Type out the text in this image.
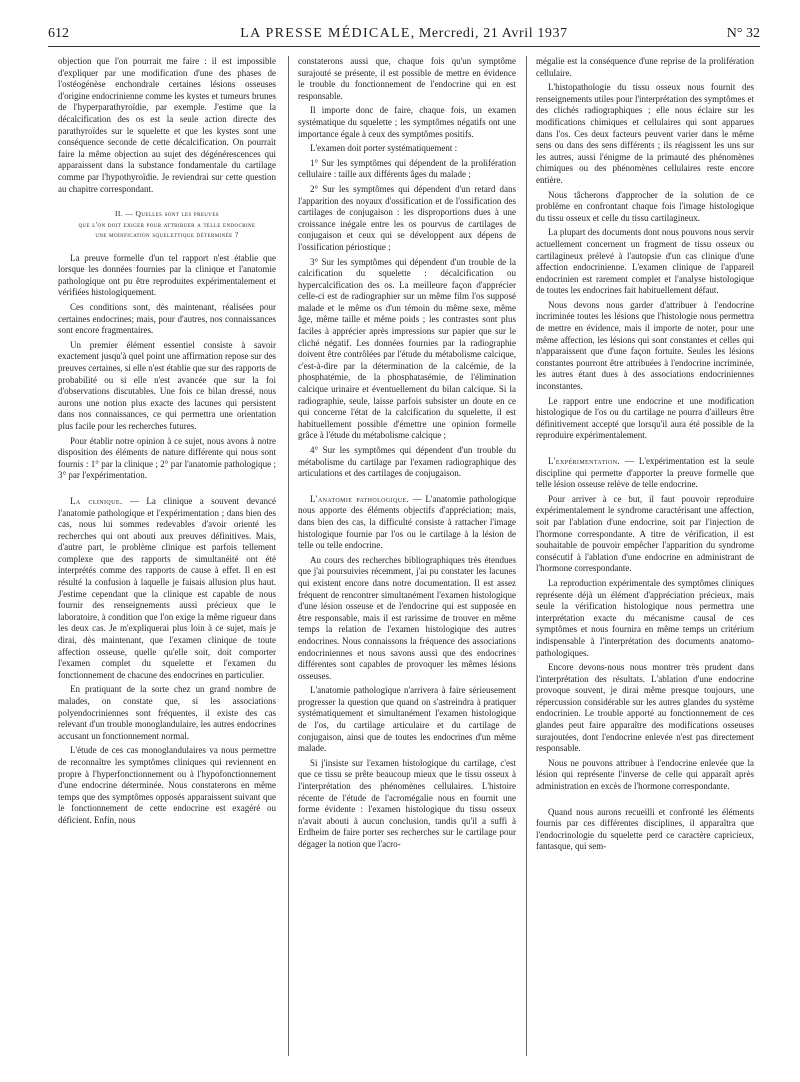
612	LA PRESSE MÉDICALE, Mercredi, 21 Avril 1937	N° 32

objection que l'on pourrait me faire : il est impossible d'expliquer par une modification d'une des phases de l'ostéogénèse enchondrale certaines lésions osseuses d'origine endocrinienne comme les kystes et tumeurs brunes de l'hyperparathyroïdie, par exemple. J'estime que la décalcification des os est la seule action directe des parathyroïdes sur le squelette et que les kystes sont une conséquence seconde de cette décalcification. On pourrait faire la même objection au sujet des dégénérescences qui apparaissent dans la substance fondamentale du cartilage comme par l'hypothyroïdie. Je reviendrai sur cette question au chapitre correspondant.

II. — Quelles sont les preuves
que l'on doit exiger pour attribuer a telle endocrine
une modification squelettique déterminée ?

La preuve formelle d'un tel rapport n'est établie que lorsque les données fournies par la clinique et l'anatomie pathologique ont pu être reproduites expérimentalement et vérifiées histologiquement.

Ces conditions sont, dès maintenant, réalisées pour certaines endocrines; mais, pour d'autres, nos connaissances sont encore fragmentaires.

Un premier élément essentiel consiste à savoir exactement jusqu'à quel point une affirmation repose sur des preuves certaines, si elle n'est établie que sur des rapports de probabilité ou si elle n'est avancée que sur la foi d'observations discutables. Une fois ce bilan dressé, nous aurons une notion plus exacte des lacunes qui persistent dans nos connaissances, ce qui permettra une orientation plus facile pour les recherches futures.

Pour établir notre opinion à ce sujet, nous avons à notre disposition des éléments de nature différente qui nous sont fournis : 1° par la clinique ; 2° par l'anatomie pathologique ; 3° par l'expérimentation.

La clinique. — La clinique a souvent devancé l'anatomie pathologique et l'expérimentation ; dans bien des cas, nous lui sommes redevables d'avoir orienté les recherches qui ont abouti aux preuves définitives. Mais, d'autre part, le problème clinique est parfois tellement complexe que des rapports de simultanéité ont été interprétés comme des rapports de cause à effet. Il en est résulté la confusion à laquelle je faisais allusion plus haut. J'estime cependant que la clinique est capable de nous fournir des renseignements aussi précieux que le laboratoire, à condition que l'on exige la même rigueur dans les deux cas. Je m'expliquerai plus loin à ce sujet, mais je dirai, dès maintenant, que l'examen clinique de toute affection osseuse, quelle qu'elle soit, doit comporter l'examen complet du squelette et l'examen du fonctionnement de chacune des endocrines en particulier.

En pratiquant de la sorte chez un grand nombre de malades, on constate que, si les associations polyendocriniennes sont fréquentes, il existe des cas relevant d'un trouble monoglandulaire, les autres endocrines accusant un fonctionnement normal.

L'étude de ces cas monoglandulaires va nous permettre de reconnaître les symptômes cliniques qui reviennent en propre à l'hyperfonctionnement ou à l'hypofonctionnement d'une endocrine déterminée. Nous constaterons en même temps que des symptômes opposés apparaissent suivant que le fonctionnement de cette endocrine est exagéré ou déficient. Enfin, nous

constaterons aussi que, chaque fois qu'un symptôme surajouté se présente, il est possible de mettre en évidence le trouble du fonctionnement de l'endocrine qui en est responsable.

Il importe donc de faire, chaque fois, un examen systématique du squelette ; les symptômes négatifs ont une importance égale à ceux des symptômes positifs.

L'examen doit porter systématiquement :

1° Sur les symptômes qui dépendent de la prolifération cellulaire : taille aux différents âges du malade ;

2° Sur les symptômes qui dépendent d'un retard dans l'apparition des noyaux d'ossification et de l'ossification des cartilages de conjugaison : les disproportions dues à une croissance inégale entre les os pourvus de cartilages de conjugaison et ceux qui se développent aux dépens de l'ossification périostique ;

3° Sur les symptômes qui dépendent d'un trouble de la calcification du squelette : décalcification ou hypercalcification des os. La meilleure façon d'apprécier celle-ci est de radiographier sur un même film l'os supposé malade et le même os d'un témoin du même sexe, même âge, même taille et même poids ; les contrastes sont plus faciles à apprécier après impressions sur papier que sur le cliché négatif. Les données fournies par la radiographie doivent être contrôlées par l'étude du métabolisme calcique, c'est-à-dire par la détermination de la calcémie, de la phosphatémie, de la phosphatasémie, de l'élimination calcique urinaire et éventuellement du bilan calcique. Si la radiographie, seule, laisse parfois subsister un doute en ce qui concerne l'état de la calcification du squelette, il est habituellement possible d'émettre une opinion formelle grâce à l'étude du métabolisme calcique ;

4° Sur les symptômes qui dépendent d'un trouble du métabolisme du cartilage par l'examen radiographique des articulations et des cartilages de conjugaison.

L'anatomie pathologique. — L'anatomie pathologique nous apporte des éléments objectifs d'appréciation; mais, dans bien des cas, la difficulté consiste à rattacher l'image histologique fournie par l'os ou le cartilage à la lésion de telle ou telle endocrine.

Au cours des recherches bibliographiques très étendues que j'ai poursuivies récemment, j'ai pu constater les lacunes qui existent encore dans notre documentation. Il est assez fréquent de rencontrer simultanément l'examen histologique d'une lésion osseuse et de l'endocrine qui est supposée en être responsable, mais il est rarissime de trouver en même temps la relation de l'examen histologique des autres endocrines. Nous connaissons la fréquence des associations endocriniennes et nous savons aussi que des endocrines différentes sont capables de provoquer les mêmes lésions osseuses.

L'anatomie pathologique n'arrivera à faire sérieusement progresser la question que quand on s'astreindra à pratiquer systématiquement et simultanément l'examen histologique de l'os, du cartilage articulaire et du cartilage de conjugaison, ainsi que de toutes les endocrines d'un même malade.

Si j'insiste sur l'examen histologique du cartilage, c'est que ce tissu se prête beaucoup mieux que le tissu osseux à l'interprétation des phénomènes cellulaires. L'histoire récente de l'étude de l'acromégalie nous en fournit une forme évidente : l'examen histologique du tissu osseux n'avait abouti à aucun conclusion, tandis qu'il a suffi à Erdheim de faire porter ses recherches sur le cartilage pour dégager la notion que l'acro-

mégalie est la conséquence d'une reprise de la prolifération cellulaire.

L'histopathologie du tissu osseux nous fournit des renseignements utiles pour l'interprétation des symptômes et des clichés radiographiques ; elle nous éclaire sur les modifications chimiques et cellulaires qui sont apparues dans l'os. Ces deux facteurs peuvent varier dans le même sens ou dans des sens différents ; ils réagissent les uns sur les autres, aussi l'énigme de la primauté des phénomènes chimiques ou des phénomènes cellulaires reste encore entière.

Nous tâcherons d'approcher de la solution de ce problème en confrontant chaque fois l'image histologique du tissu osseux et celle du tissu cartilagineux.

La plupart des documents dont nous pouvons nous servir actuellement concernent un fragment de tissu osseux ou cartilagineux prélevé à l'autopsie d'un cas clinique d'une affection endocrinienne. L'examen clinique de l'appareil endocrinien est rarement complet et l'analyse histologique de toutes les endocrines fait habituellement défaut.

Nous devons nous garder d'attribuer à l'endocrine incriminée toutes les lésions que l'histologie nous permettra de mettre en évidence, mais il importe de noter, pour une même affection, les lésions qui sont constantes et celles qui n'apparaissent que d'une façon fortuite. Seules les lésions constantes pourront être attribuées à l'endocrine incriminée, les autres étant dues à des associations endocriniennes inconstantes.

Le rapport entre une endocrine et une modification histologique de l'os ou du cartilage ne pourra d'ailleurs être définitivement accepté que lorsqu'il aura été possible de la reproduire expérimentalement.

L'expérimentation. — L'expérimentation est la seule discipline qui permette d'apporter la preuve formelle que telle lésion osseuse relève de telle endocrine.

Pour arriver à ce but, il faut pouvoir reproduire expérimentalement le syndrome caractérisant une affection, soit par l'ablation d'une endocrine, soit par l'injection de l'hormone correspondante. A titre de vérification, il est souhaitable de pouvoir empêcher l'apparition du syndrome consécutif à l'ablation d'une endocrine en administrant de l'hormone correspondante.

La reproduction expérimentale des symptômes cliniques représente déjà un élément d'appréciation précieux, mais seule la vérification histologique nous permettra une interprétation exacte du mécanisme causal de ces symptômes et nous fournira en même temps un critérium indispensable à l'interprétation des documents anatomo-pathologiques.

Encore devons-nous nous montrer très prudent dans l'interprétation des résultats. L'ablation d'une endocrine provoque souvent, je dirai même presque toujours, une répercussion considérable sur les autres glandes du système endocrinien. Le trouble apporté au fonctionnement de ces glandes peut faire apparaître des modifications osseuses surajoutées, dont l'endocrine enlevée n'est pas directement responsable.

Nous ne pouvons attribuer à l'endocrine enlevée que la lésion qui représente l'inverse de celle qui apparaît après administration en excès de l'hormone correspondante.

Quand nous aurons recueilli et confronté les éléments fournis par ces différentes disciplines, il apparaîtra que l'endocrinologie du squelette perd ce caractère capricieux, fantasque, qui sem-
